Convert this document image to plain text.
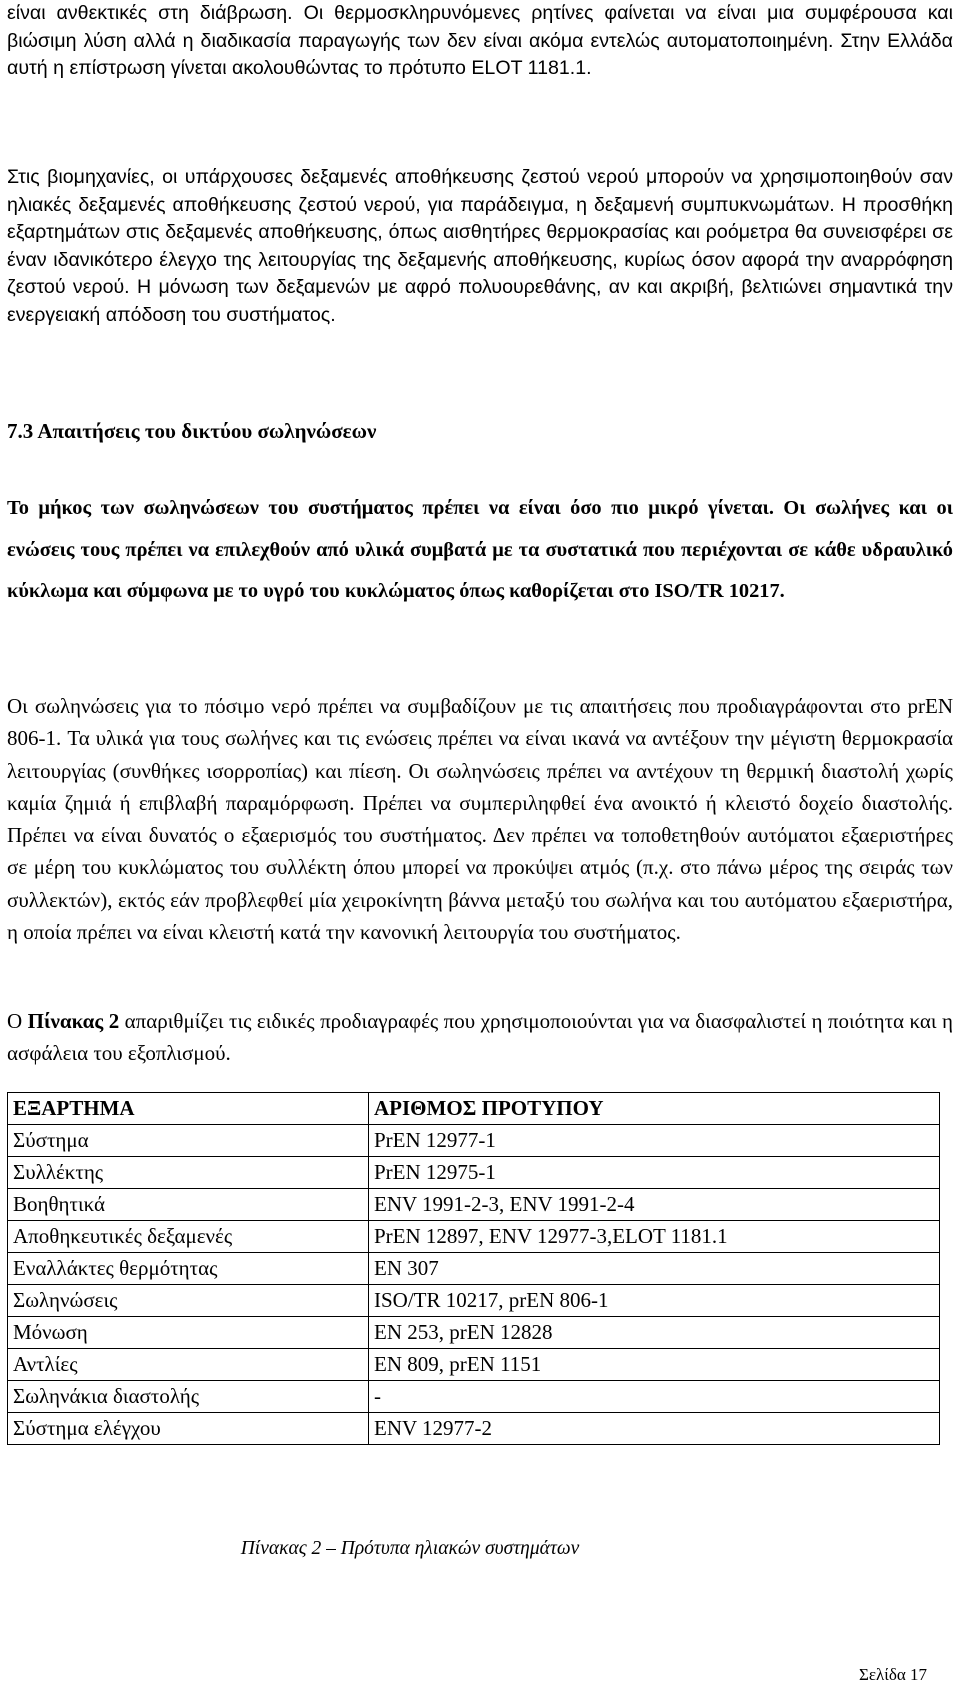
είναι ανθεκτικές στη διάβρωση. Οι θερμοσκληρυνόμενες ρητίνες φαίνεται να είναι μια συμφέρουσα και βιώσιμη λύση αλλά η διαδικασία παραγωγής των δεν είναι ακόμα εντελώς αυτοματοποιημένη. Στην Ελλάδα αυτή η επίστρωση γίνεται ακολουθώντας το πρότυπο ΕLOT 1181.1.

Στις βιομηχανίες, οι υπάρχουσες δεξαμενές αποθήκευσης ζεστού νερού μπορούν να χρησιμοποιηθούν σαν ηλιακές δεξαμενές αποθήκευσης ζεστού νερού, για παράδειγμα, η δεξαμενή συμπυκνωμάτων. Η προσθήκη εξαρτημάτων στις δεξαμενές αποθήκευσης, όπως αισθητήρες θερμοκρασίας και ροόμετρα θα συνεισφέρει σε έναν ιδανικότερο έλεγχο της λειτουργίας της δεξαμενής αποθήκευσης, κυρίως όσον αφορά την αναρρόφηση ζεστού νερού. Η μόνωση των δεξαμενών με αφρό πολυουρεθάνης, αν και ακριβή, βελτιώνει σημαντικά την ενεργειακή απόδοση του συστήματος.

7.3 Απαιτήσεις του δικτύου σωληνώσεων

Το μήκος των σωληνώσεων του συστήματος πρέπει να είναι όσο πιο μικρό γίνεται. Οι σωλήνες και οι ενώσεις τους πρέπει να επιλεχθούν από υλικά συμβατά με τα συστατικά που περιέχονται σε κάθε υδραυλικό κύκλωμα και σύμφωνα με το υγρό του κυκλώματος όπως καθορίζεται στο ISO/TR 10217.

Οι σωληνώσεις για το πόσιμο νερό πρέπει να συμβαδίζουν με τις απαιτήσεις που προδιαγράφονται στο prEN 806-1. Τα υλικά για τους σωλήνες και τις ενώσεις πρέπει να είναι ικανά να αντέξουν την μέγιστη θερμοκρασία λειτουργίας (συνθήκες ισορροπίας) και πίεση. Οι σωληνώσεις πρέπει να αντέχουν τη θερμική διαστολή χωρίς καμία ζημιά ή επιβλαβή παραμόρφωση. Πρέπει να συμπεριληφθεί ένα ανοικτό ή κλειστό δοχείο διαστολής. Πρέπει να είναι δυνατός ο εξαερισμός του συστήματος. Δεν πρέπει να τοποθετηθούν αυτόματοι εξαεριστήρες σε μέρη του κυκλώματος του συλλέκτη όπου μπορεί να προκύψει ατμός (π.χ. στο πάνω μέρος της σειράς των συλλεκτών), εκτός εάν προβλεφθεί μία χειροκίνητη βάννα μεταξύ του σωλήνα και του αυτόματου εξαεριστήρα, η οποία πρέπει να είναι κλειστή κατά την κανονική λειτουργία του συστήματος.

Ο Πίνακας 2 απαριθμίζει τις ειδικές προδιαγραφές που χρησιμοποιούνται για να διασφαλιστεί η ποιότητα και η ασφάλεια του εξοπλισμού.

ΕΞΑΡΤΗΜΑ	ΑΡΙΘΜΟΣ ΠΡΟΤΥΠΟΥ
Σύστημα	PrEN 12977-1
Συλλέκτης	PrEN 12975-1
Βοηθητικά	ENV 1991-2-3, ENV 1991-2-4
Αποθηκευτικές δεξαμενές	PrEN 12897, ENV 12977-3,ELOT 1181.1
Εναλλάκτες θερμότητας	EN 307
Σωληνώσεις	ISO/TR 10217, prEN 806-1
Μόνωση	EN 253, prEN 12828
Αντλίες	EN 809, prEN 1151
Σωληνάκια διαστολής	-
Σύστημα ελέγχου	ENV 12977-2
Πίνακας 2 – Πρότυπα ηλιακών συστημάτων
Σελίδα 17
